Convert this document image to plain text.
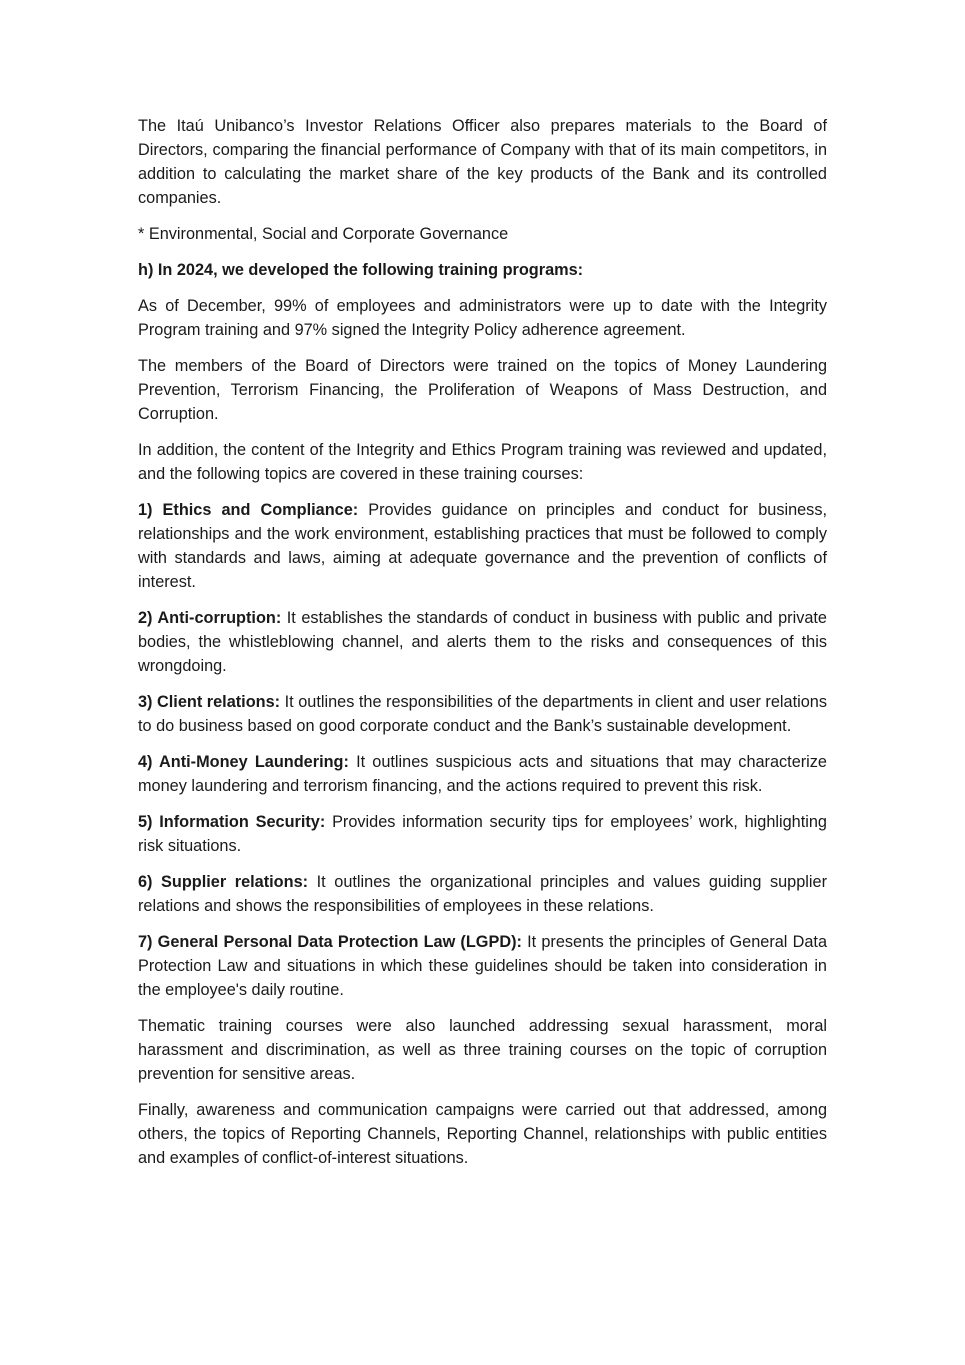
The Itaú Unibanco’s Investor Relations Officer also prepares materials to the Board of Directors, comparing the financial performance of Company with that of its main competitors, in addition to calculating the market share of the key products of the Bank and its controlled companies.

* Environmental, Social and Corporate Governance

h) In 2024, we developed the following training programs:

As of December, 99% of employees and administrators were up to date with the Integrity Program training and 97% signed the Integrity Policy adherence agreement.

The members of the Board of Directors were trained on the topics of Money Laundering Prevention, Terrorism Financing, the Proliferation of Weapons of Mass Destruction, and Corruption.

In addition, the content of the Integrity and Ethics Program training was reviewed and updated, and the following topics are covered in these training courses:

1) Ethics and Compliance: Provides guidance on principles and conduct for business, relationships and the work environment, establishing practices that must be followed to comply with standards and laws, aiming at adequate governance and the prevention of conflicts of interest.

2) Anti-corruption: It establishes the standards of conduct in business with public and private bodies, the whistleblowing channel, and alerts them to the risks and consequences of this wrongdoing.

3) Client relations: It outlines the responsibilities of the departments in client and user relations to do business based on good corporate conduct and the Bank’s sustainable development.

4) Anti-Money Laundering: It outlines suspicious acts and situations that may characterize money laundering and terrorism financing, and the actions required to prevent this risk.

5) Information Security: Provides information security tips for employees’ work, highlighting risk situations.

6) Supplier relations: It outlines the organizational principles and values guiding supplier relations and shows the responsibilities of employees in these relations.

7) General Personal Data Protection Law (LGPD): It presents the principles of General Data Protection Law and situations in which these guidelines should be taken into consideration in the employee's daily routine.

Thematic training courses were also launched addressing sexual harassment, moral harassment and discrimination, as well as three training courses on the topic of corruption prevention for sensitive areas.

Finally, awareness and communication campaigns were carried out that addressed, among others, the topics of Reporting Channels, Reporting Channel, relationships with public entities and examples of conflict-of-interest situations.
